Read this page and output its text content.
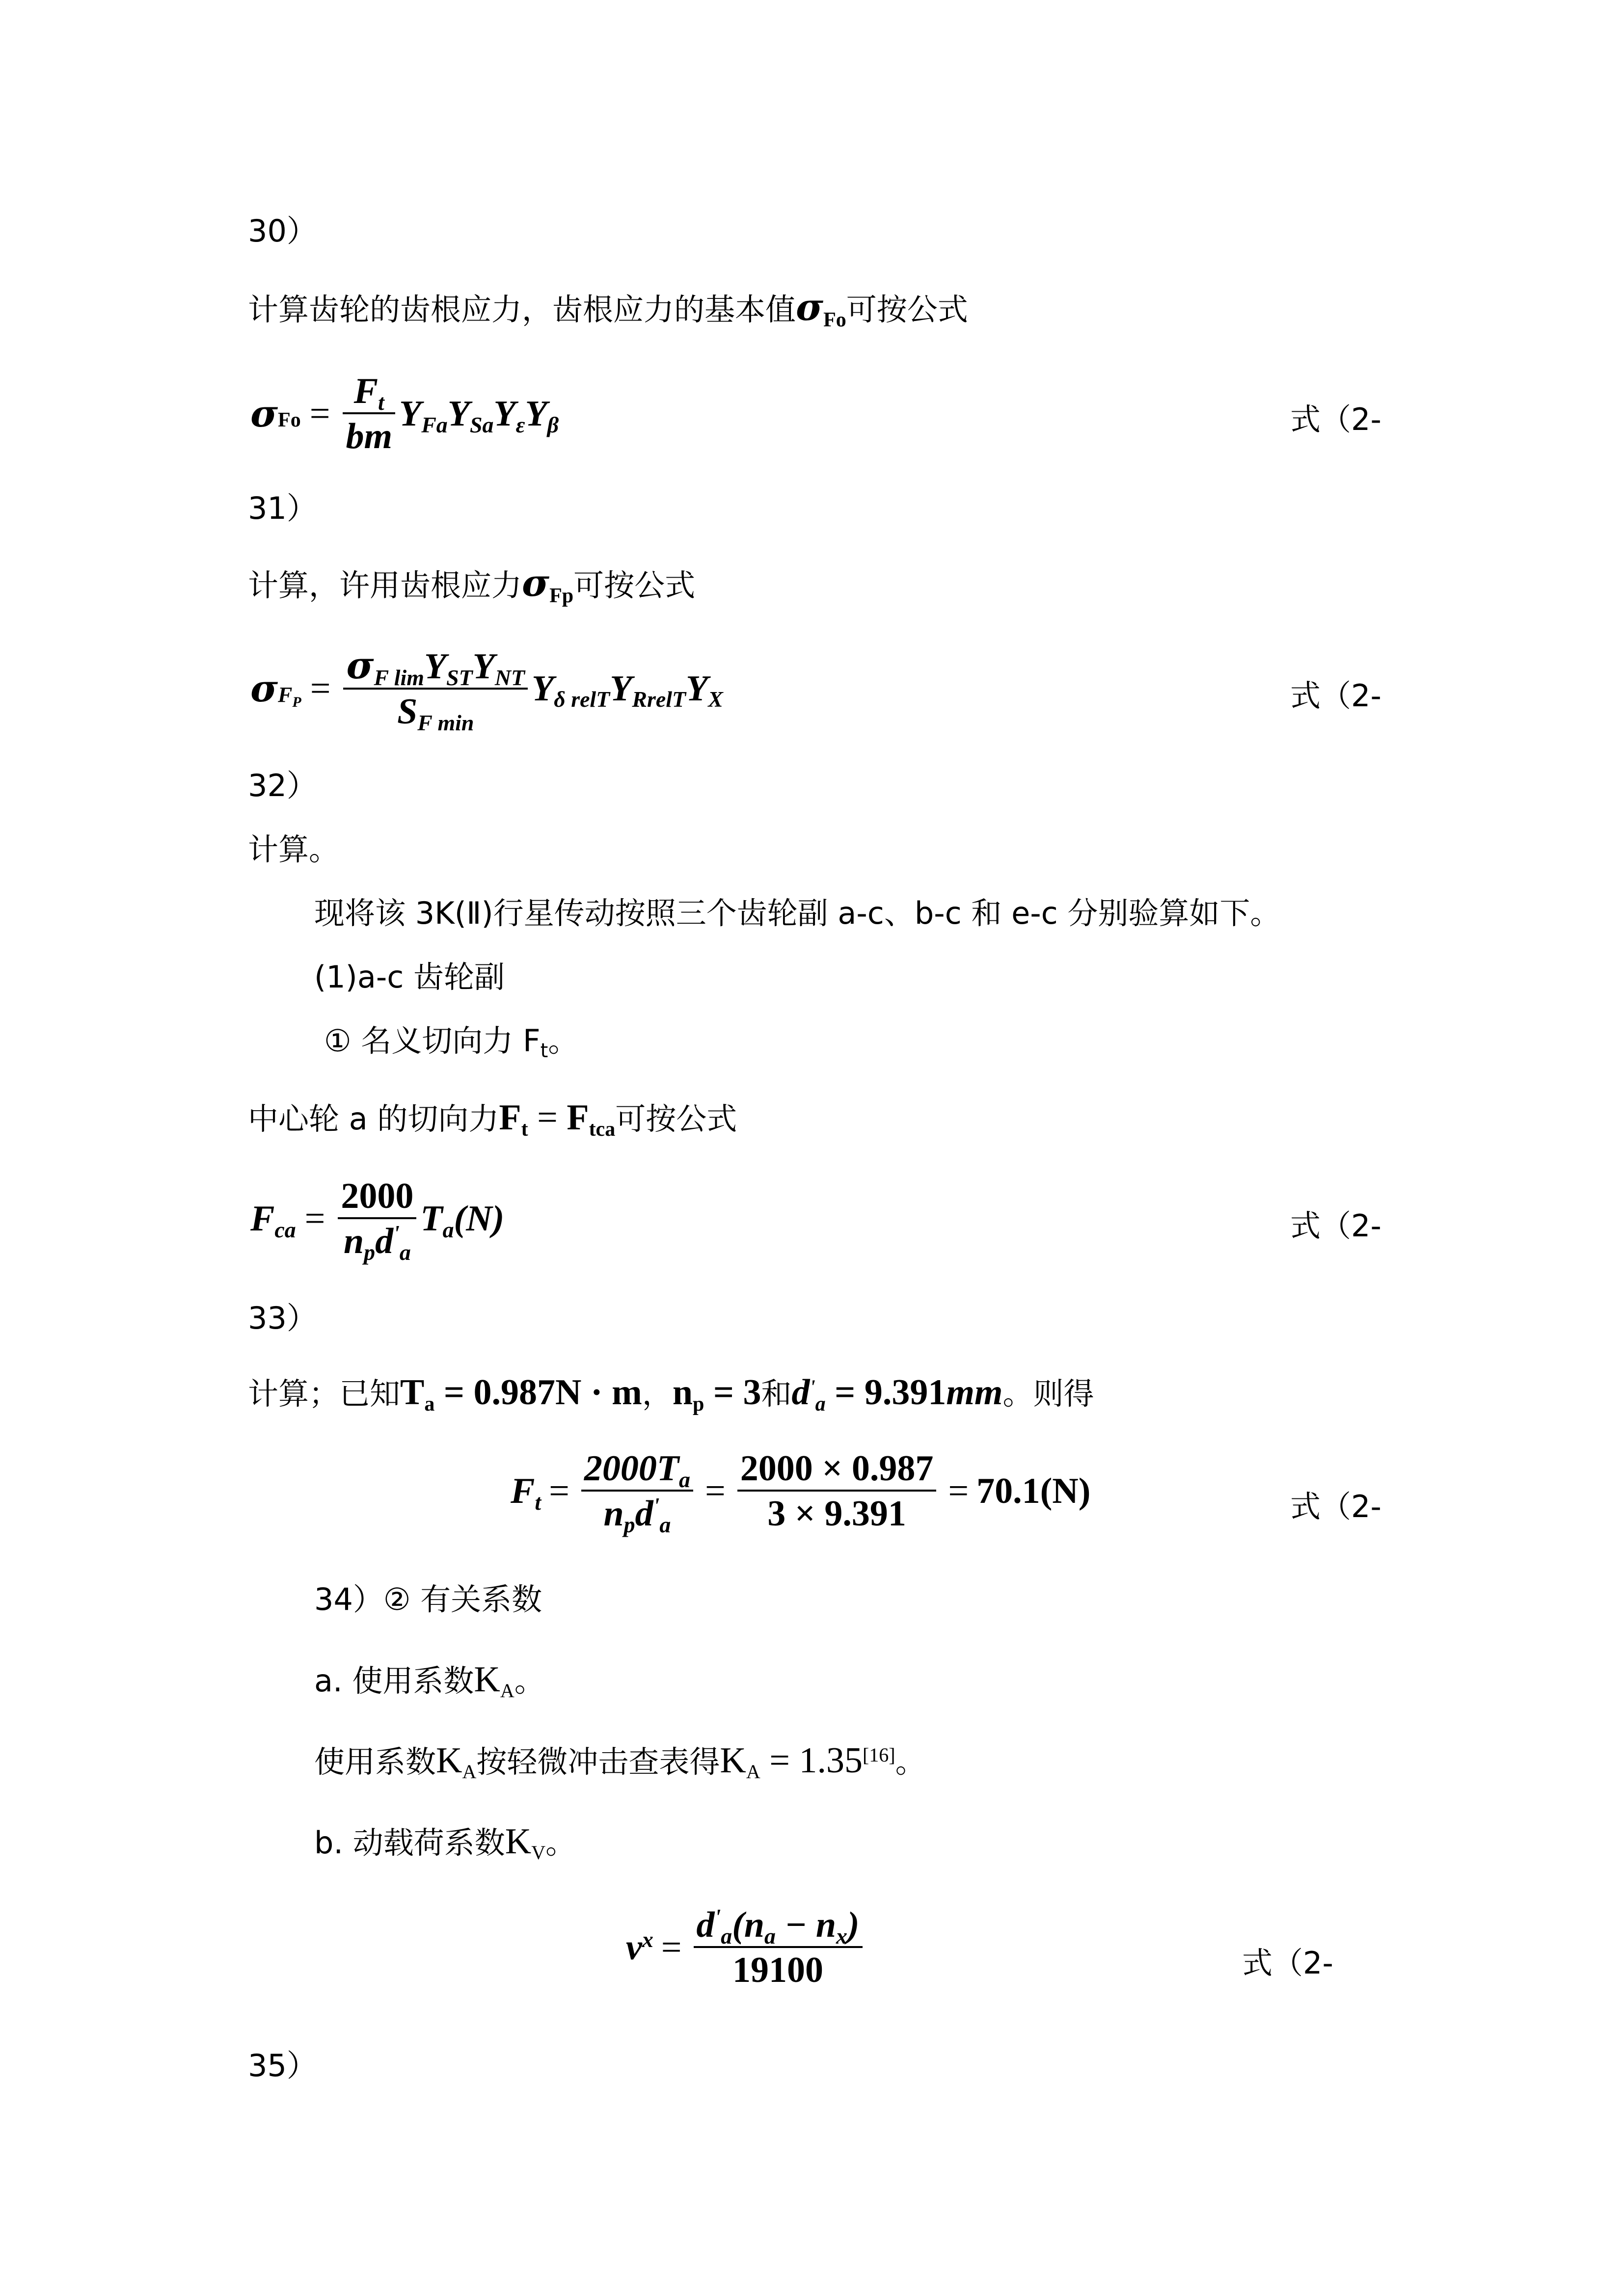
30）
计算齿轮的齿根应力，齿根应力的基本值$\sigma_{Fo}$可按公式
σ $Fo = \frac{Ft}{bm}$ YFaYSaYεYβ	式（2-
31）
计算，许用齿根应力$\sigma_{Fp}$可按公式
σ $F_P = \frac{\text{σF limYSTYNT}}{\text{SF min}}$ Yδ relTYRrelTYX	式（2-
32）
计算。
现将该 3K(Ⅱ)行星传动按照三个齿轮副 a-c、b-c 和 e-c 分别验算如下。
(1)a-c 齿轮副
① 名义切向力 Ft。
中心轮 a 的切向力$F_t = F_{tca}$可按公式
Fca = $\frac{2000}{npd'a} Ta(N)$	式（2-
33）
计算；已知$T_a = 0.987N \cdot m$，$n_p = 3$和$d'_a = 9.391mm$。则得
$Ft = \frac{2000Ta}{npd'a} = \frac{2000 \times 0.987}{3 \times 9.391} = 70.1(N)$	式（2-
34）② 有关系数
a. 使用系数KA。
使用系数KA按轻微冲击查表得KA = 1.35[16]。
b. 动载荷系数KV。
$v^x = \frac{d'a(na - nx)}{19100}$	式（2-
35）
